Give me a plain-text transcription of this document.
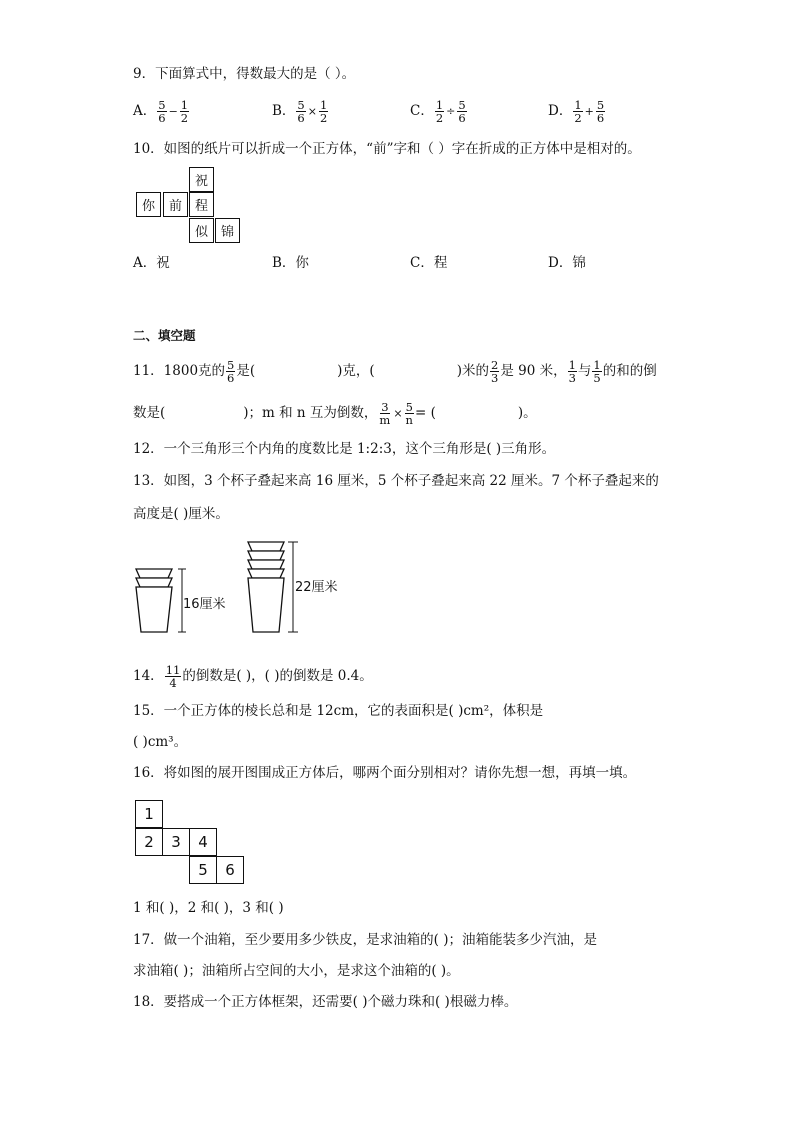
9．下面算式中，得数最大的是（ ）。
A． $\frac{5}{6} - \frac{1}{2}$	B． $\frac{5}{6} \times \frac{1}{2}$	C． $\frac{1}{2} \div \frac{5}{6}$	D． $\frac{1}{2} + \frac{5}{6}$
10．如图的纸片可以折成一个正方体，“前”字和（ ）字在折成的正方体中是相对的。
祝
你	前 程
似 锦
A．祝	B．你	C．程	D．锦
二、填空题
11．1800克的 $\frac{5}{6}$ 是(	)克，(	)米的 $\frac{2}{3}$ 是 90 米， $\frac{1}{3}$ 与 $\frac{1}{5}$ 的和的倒
数是(	)；m 和 n 互为倒数， $\frac{3}{m} \times \frac{5}{n}$ = (	)。
12．一个三角形三个内角的度数比是 1:2:3，这个三角形是( )三角形。
13．如图，3 个杯子叠起来高 16 厘米，5 个杯子叠起来高 22 厘米。7 个杯子叠起来的
高度是( )厘米。
16厘米
22厘米
14． $\frac{11}{4}$ 的倒数是( )，( )的倒数是 0.4。
15．一个正方体的棱长总和是 12cm，它的表面积是( )cm²，体积是
( )cm³。
16．将如图的展开图围成正方体后，哪两个面分别相对？请你先想一想，再填一填。
1
2	3	4
5	6
1 和( )，2 和( )，3 和( )
17．做一个油箱，至少要用多少铁皮，是求油箱的( )；油箱能装多少汽油，是
求油箱( )；油箱所占空间的大小，是求这个油箱的( )。
18．要搭成一个正方体框架，还需要( )个磁力珠和( )根磁力棒。
